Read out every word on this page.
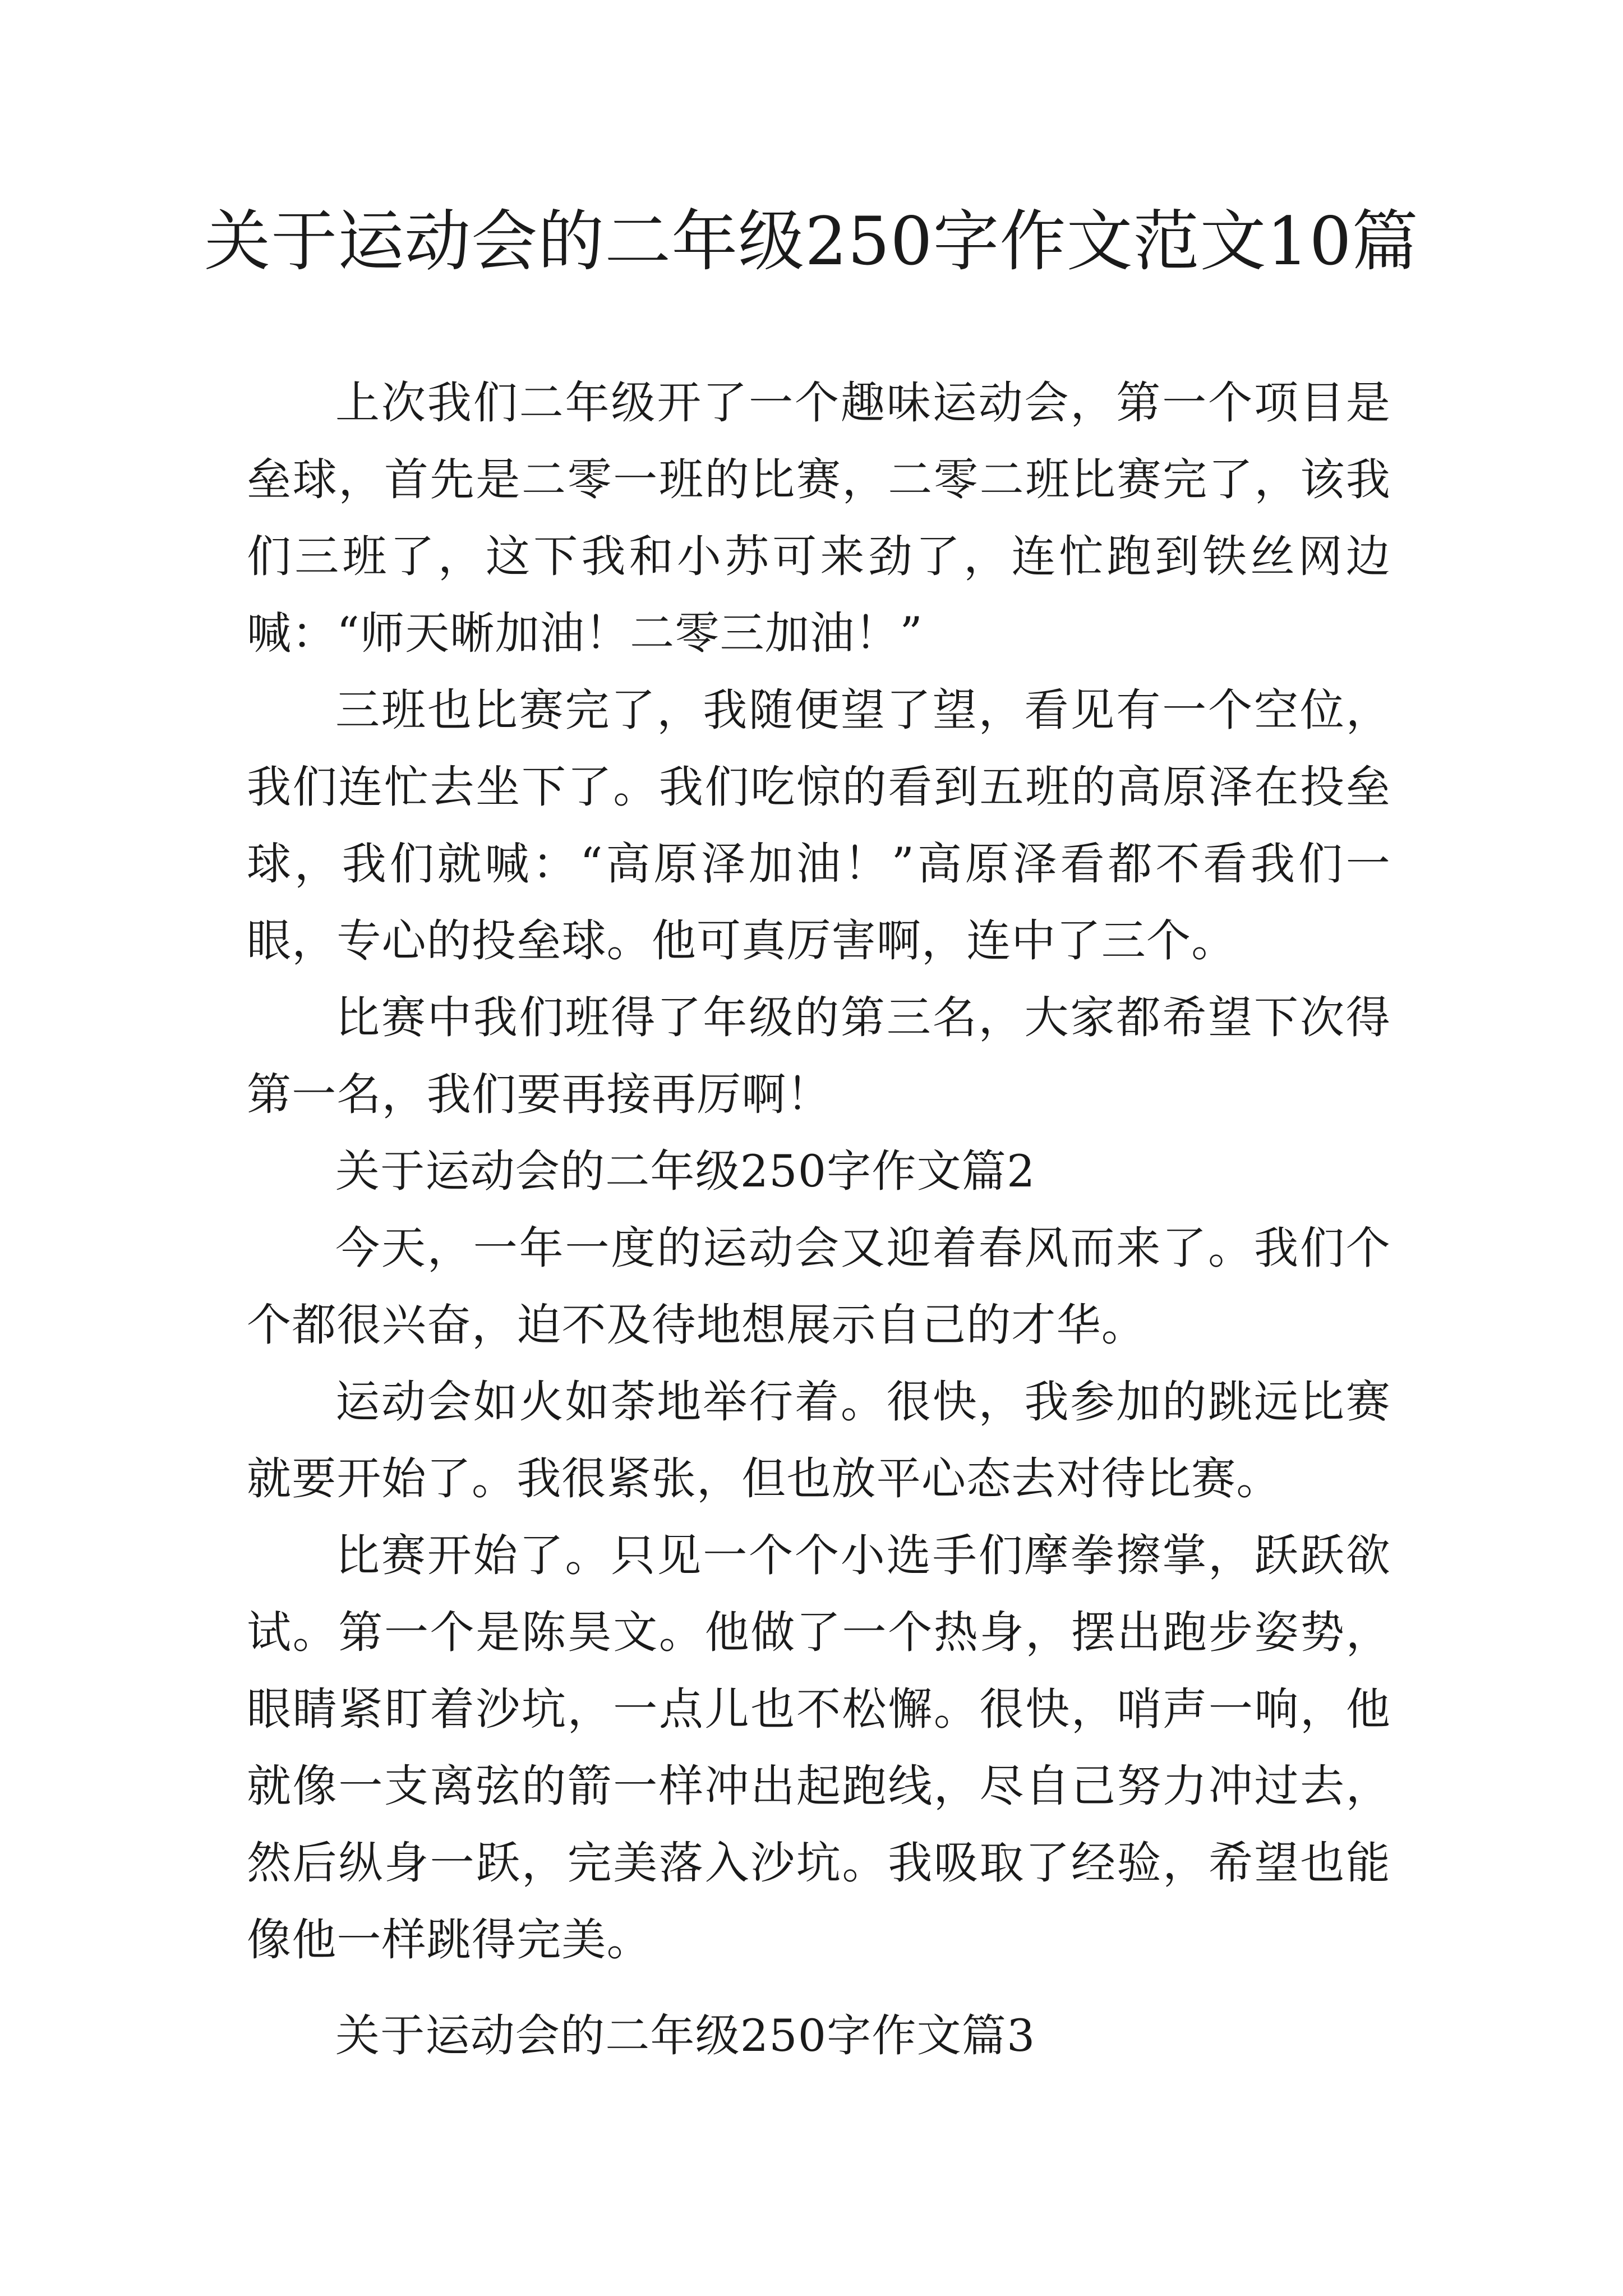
关于运动会的二年级250字作文范文10篇

上次我们二年级开了一个趣味运动会，第一个项目是垒球，首先是二零一班的比赛，二零二班比赛完了，该我们三班了，这下我和小苏可来劲了，连忙跑到铁丝网边喊：“师天晰加油！二零三加油！”

三班也比赛完了，我随便望了望，看见有一个空位，我们连忙去坐下了。我们吃惊的看到五班的高原泽在投垒球，我们就喊：“高原泽加油！”高原泽看都不看我们一眼，专心的投垒球。他可真厉害啊，连中了三个。

比赛中我们班得了年级的第三名，大家都希望下次得第一名，我们要再接再厉啊！

关于运动会的二年级250字作文篇2

今天，一年一度的运动会又迎着春风而来了。我们个个都很兴奋，迫不及待地想展示自己的才华。

运动会如火如荼地举行着。很快，我参加的跳远比赛就要开始了。我很紧张，但也放平心态去对待比赛。

比赛开始了。只见一个个小选手们摩拳擦掌，跃跃欲试。第一个是陈昊文。他做了一个热身，摆出跑步姿势，眼睛紧盯着沙坑，一点儿也不松懈。很快，哨声一响，他就像一支离弦的箭一样冲出起跑线，尽自己努力冲过去，然后纵身一跃，完美落入沙坑。我吸取了经验，希望也能像他一样跳得完美。

关于运动会的二年级250字作文篇3
